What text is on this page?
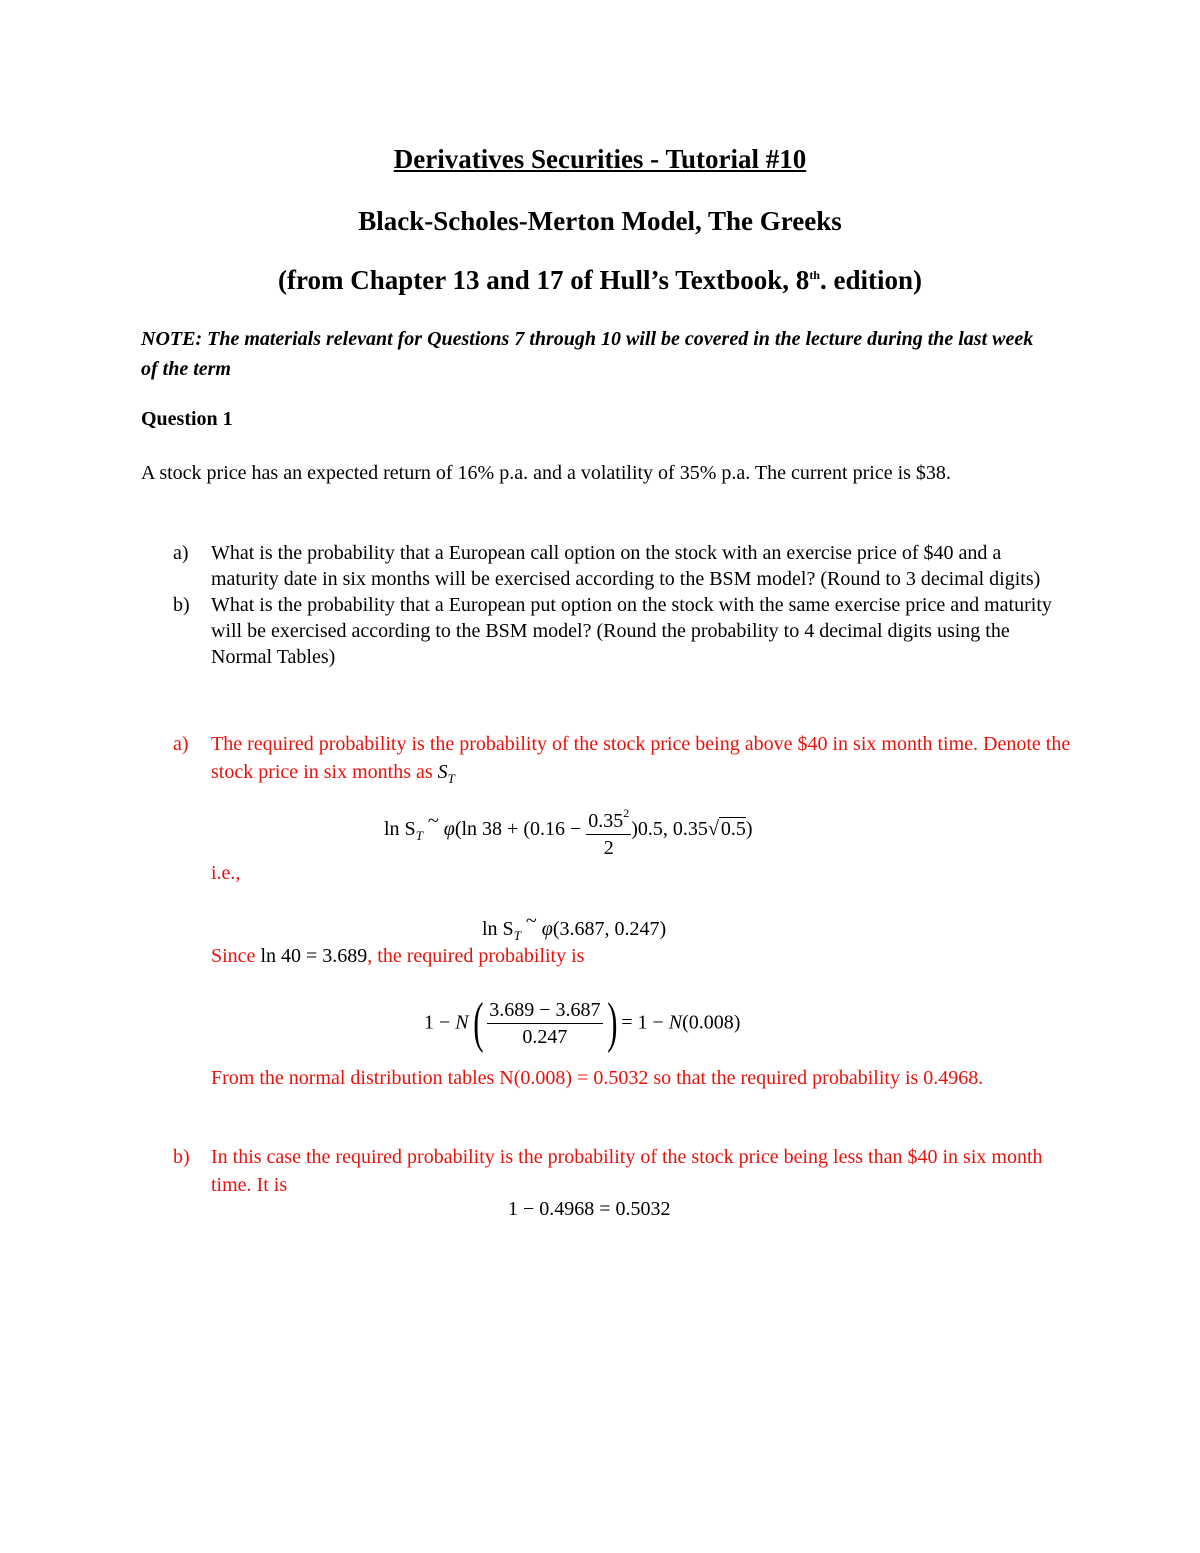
Derivatives Securities - Tutorial #10
Black-Scholes-Merton Model, The Greeks
(from Chapter 13 and 17 of Hull’s Textbook, 8th. edition)
NOTE: The materials relevant for Questions 7 through 10 will be covered in the lecture during the last week of the term
Question 1
A stock price has an expected return of 16% p.a. and a volatility of 35% p.a. The current price is $38.
a) What is the probability that a European call option on the stock with an exercise price of $40 and a maturity date in six months will be exercised according to the BSM model? (Round to 3 decimal digits)
b) What is the probability that a European put option on the stock with the same exercise price and maturity will be exercised according to the BSM model? (Round the probability to 4 decimal digits using the Normal Tables)
a) The required probability is the probability of the stock price being above $40 in six month time. Denote the stock price in six months as $S_T$
$\ln S_T$ ~ φ(ln $38 + (0.16 - \frac{0.35^2}{2} )0.5$, 0.35√ 0.5)
i.e.,
$\ln S_T$ ~ φ(3.687, 0.247)
Since ln 40 = 3.689, the required probability is
$1 - N( \frac{3.689 - 3.687}{0.247}$ ) = 1 − N(0.008)
From the normal distribution tables N(0.008) = 0.5032 so that the required probability is 0.4968.
b) In this case the required probability is the probability of the stock price being less than $40 in six month time. It is
1 − 0.4968 = 0.5032
